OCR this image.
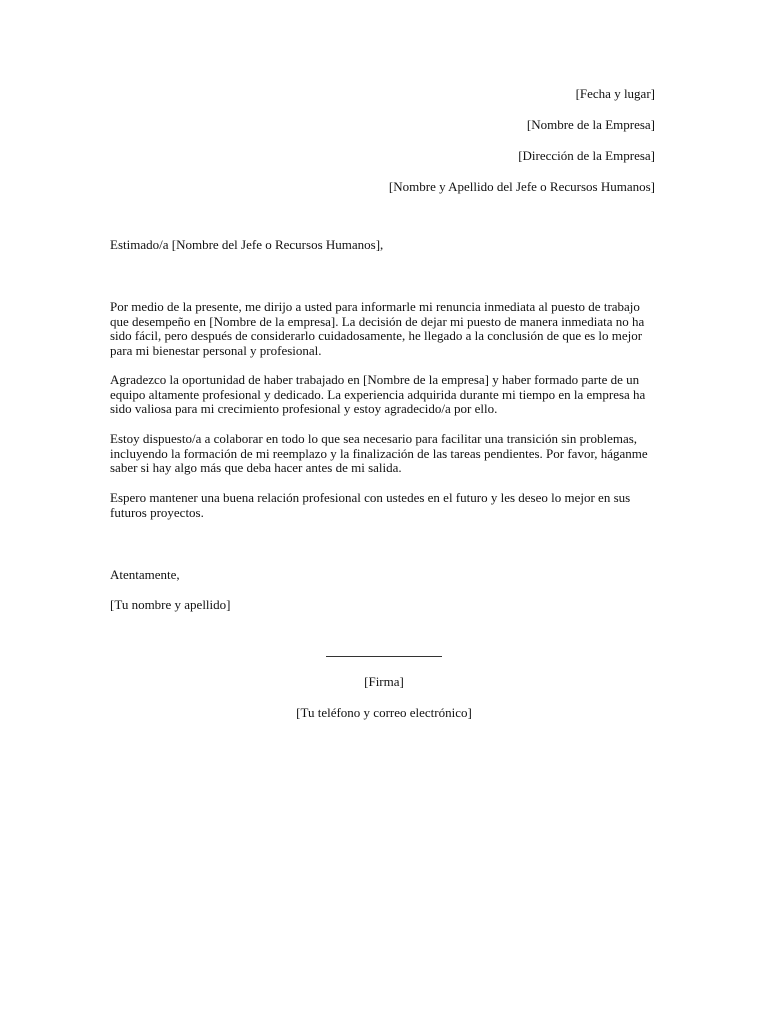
[Fecha y lugar]
[Nombre de la Empresa]
[Dirección de la Empresa]
[Nombre y Apellido del Jefe o Recursos Humanos]
Estimado/a [Nombre del Jefe o Recursos Humanos],
Por medio de la presente, me dirijo a usted para informarle mi renuncia inmediata al puesto de trabajo que desempeño en [Nombre de la empresa]. La decisión de dejar mi puesto de manera inmediata no ha sido fácil, pero después de considerarlo cuidadosamente, he llegado a la conclusión de que es lo mejor para mi bienestar personal y profesional.
Agradezco la oportunidad de haber trabajado en [Nombre de la empresa] y haber formado parte de un equipo altamente profesional y dedicado. La experiencia adquirida durante mi tiempo en la empresa ha sido valiosa para mi crecimiento profesional y estoy agradecido/a por ello.
Estoy dispuesto/a a colaborar en todo lo que sea necesario para facilitar una transición sin problemas, incluyendo la formación de mi reemplazo y la finalización de las tareas pendientes. Por favor, háganme saber si hay algo más que deba hacer antes de mi salida.
Espero mantener una buena relación profesional con ustedes en el futuro y les deseo lo mejor en sus futuros proyectos.
Atentamente,
[Tu nombre y apellido]
[Firma]
[Tu teléfono y correo electrónico]
